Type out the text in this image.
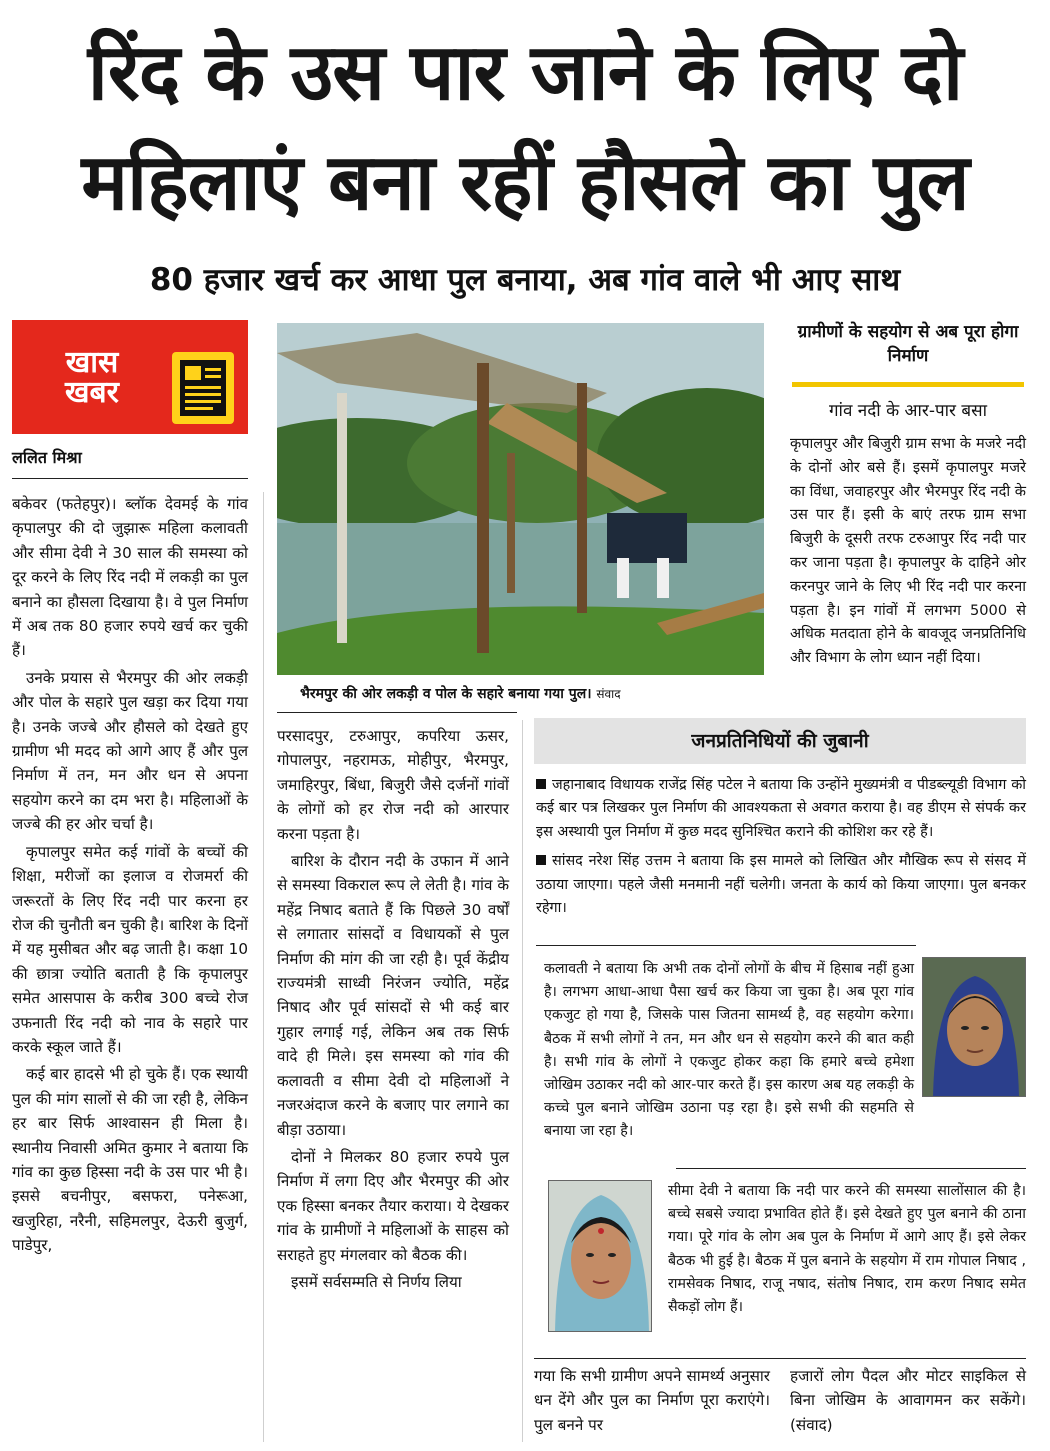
रिंद के उस पार जाने के लिए दो
महिलाएं बना रहीं हौसले का पुल
80 हजार खर्च कर आधा पुल बनाया, अब गांव वाले भी आए साथ
खास
खबर
ललित मिश्रा

बकेवर (फतेहपुर)। ब्लॉक देवमई के गांव कृपालपुर की दो जुझारू महिला कलावती और सीमा देवी ने 30 साल की समस्या को दूर करने के लिए रिंद नदी में लकड़ी का पुल बनाने का हौसला दिखाया है। वे पुल निर्माण में अब तक 80 हजार रुपये खर्च कर चुकी हैं।

उनके प्रयास से भैरमपुर की ओर लकड़ी और पोल के सहारे पुल खड़ा कर दिया गया है। उनके जज्बे और हौसले को देखते हुए ग्रामीण भी मदद को आगे आए हैं और पुल निर्माण में तन, मन और धन से अपना सहयोग करने का दम भरा है। महिलाओं के जज्बे की हर ओर चर्चा है।

कृपालपुर समेत कई गांवों के बच्चों की शिक्षा, मरीजों का इलाज व रोजमर्रा की जरूरतों के लिए रिंद नदी पार करना हर रोज की चुनौती बन चुकी है। बारिश के दिनों में यह मुसीबत और बढ़ जाती है। कक्षा 10 की छात्रा ज्योति बताती है कि कृपालपुर समेत आसपास के करीब 300 बच्चे रोज उफनाती रिंद नदी को नाव के सहारे पार करके स्कूल जाते हैं।

कई बार हादसे भी हो चुके हैं। एक स्थायी पुल की मांग सालों से की जा रही है, लेकिन हर बार सिर्फ आश्वासन ही मिला है। स्थानीय निवासी अमित कुमार ने बताया कि गांव का कुछ हिस्सा नदी के उस पार भी है। इससे बचनीपुर, बसफरा, पनेरूआ, खजुरिहा, नरैनी, सहिमलपुर, देऊरी बुजुर्ग, पाडेपुर,

भैरमपुर की ओर लकड़ी व पोल के सहारे बनाया गया पुल। संवाद

परसादपुर, टरुआपुर, कपरिया ऊसर, गोपालपुर, नहरामऊ, मोहीपुर, भैरमपुर, जमाहिरपुर, बिंधा, बिजुरी जैसे दर्जनों गांवों के लोगों को हर रोज नदी को आरपार करना पड़ता है।

बारिश के दौरान नदी के उफान में आने से समस्या विकराल रूप ले लेती है। गांव के महेंद्र निषाद बताते हैं कि पिछले 30 वर्षों से लगातार सांसदों व विधायकों से पुल निर्माण की मांग की जा रही है। पूर्व केंद्रीय राज्यमंत्री साध्वी निरंजन ज्योति, महेंद्र निषाद और पूर्व सांसदों से भी कई बार गुहार लगाई गई, लेकिन अब तक सिर्फ वादे ही मिले। इस समस्या को गांव की कलावती व सीमा देवी दो महिलाओं ने नजरअंदाज करने के बजाए पार लगाने का बीड़ा उठाया।

दोनों ने मिलकर 80 हजार रुपये पुल निर्माण में लगा दिए और भैरमपुर की ओर एक हिस्सा बनकर तैयार कराया। ये देखकर गांव के ग्रामीणों ने महिलाओं के साहस को सराहते हुए मंगलवार को बैठक की।

इसमें सर्वसम्मति से निर्णय लिया

ग्रामीणों के सहयोग से अब पूरा होगा निर्माण
गांव नदी के आर-पार बसा
कृपालपुर और बिजुरी ग्राम सभा के मजरे नदी के दोनों ओर बसे हैं। इसमें कृपालपुर मजरे का विंधा, जवाहरपुर और भैरमपुर रिंद नदी के उस पार हैं। इसी के बाएं तरफ ग्राम सभा बिजुरी के दूसरी तरफ टरुआपुर रिंद नदी पार कर जाना पड़ता है। कृपालपुर के दाहिने ओर करनपुर जाने के लिए भी रिंद नदी पार करना पड़ता है। इन गांवों में लगभग 5000 से अधिक मतदाता होने के बावजूद जनप्रतिनिधि और विभाग के लोग ध्यान नहीं दिया।
जनप्रतिनिधियों की जुबानी

जहानाबाद विधायक राजेंद्र सिंह पटेल ने बताया कि उन्होंने मुख्यमंत्री व पीडब्ल्यूडी विभाग को कई बार पत्र लिखकर पुल निर्माण की आवश्यकता से अवगत कराया है। वह डीएम से संपर्क कर इस अस्थायी पुल निर्माण में कुछ मदद सुनिश्चित कराने की कोशिश कर रहे हैं।

सांसद नरेश सिंह उत्तम ने बताया कि इस मामले को लिखित और मौखिक रूप से संसद में उठाया जाएगा। पहले जैसी मनमानी नहीं चलेगी। जनता के कार्य को किया जाएगा। पुल बनकर रहेगा।

कलावती ने बताया कि अभी तक दोनों लोगों के बीच में हिसाब नहीं हुआ है। लगभग आधा-आधा पैसा खर्च कर किया जा चुका है। अब पूरा गांव एकजुट हो गया है, जिसके पास जितना सामर्थ्य है, वह सहयोग करेगा। बैठक में सभी लोगों ने तन, मन और धन से सहयोग करने की बात कही है। सभी गांव के लोगों ने एकजुट होकर कहा कि हमारे बच्चे हमेशा जोखिम उठाकर नदी को आर-पार करते हैं। इस कारण अब यह लकड़ी के कच्चे पुल बनाने जोखिम उठाना पड़ रहा है। इसे सभी की सहमति से बनाया जा रहा है।
सीमा देवी ने बताया कि नदी पार करने की समस्या सालोंसाल की है। बच्चे सबसे ज्यादा प्रभावित होते हैं। इसे देखते हुए पुल बनाने की ठाना गया। पूरे गांव के लोग अब पुल के निर्माण में आगे आए हैं। इसे लेकर बैठक भी हुई है। बैठक में पुल बनाने के सहयोग में राम गोपाल निषाद , रामसेवक निषाद, राजू नषाद, संतोष निषाद, राम करण निषाद समेत सैकड़ों लोग हैं।
गया कि सभी ग्रामीण अपने सामर्थ्य अनुसार धन देंगे और पुल का निर्माण पूरा कराएंगे। पुल बनने पर
हजारों लोग पैदल और मोटर साइकिल से बिना जोखिम के आवागमन कर सकेंगे। (संवाद)
